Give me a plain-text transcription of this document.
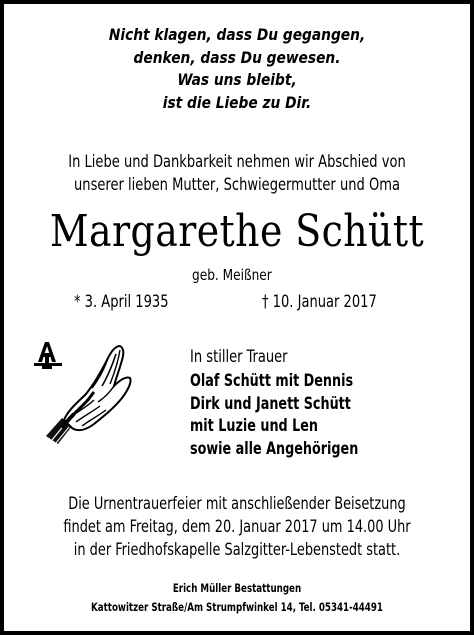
Nicht klagen, dass Du gegangen,
denken, dass Du gewesen.
Was uns bleibt,
ist die Liebe zu Dir.
In Liebe und Dankbarkeit nehmen wir Abschied von
unserer lieben Mutter, Schwiegermutter und Oma
Margarethe Schütt
geb. Meißner
* 3. April 1935	† 10. Januar 2017
In stiller Trauer
Olaf Schütt mit Dennis
Dirk und Janett Schütt
mit Luzie und Len
sowie alle Angehörigen
Die Urnentrauerfeier mit anschließender Beisetzung
findet am Freitag, dem 20. Januar 2017 um 14.00 Uhr
in der Friedhofskapelle Salzgitter-Lebenstedt statt.
Erich Müller Bestattungen
Kattowitzer Straße/Am Strumpfwinkel 14, Tel. 05341-44491
